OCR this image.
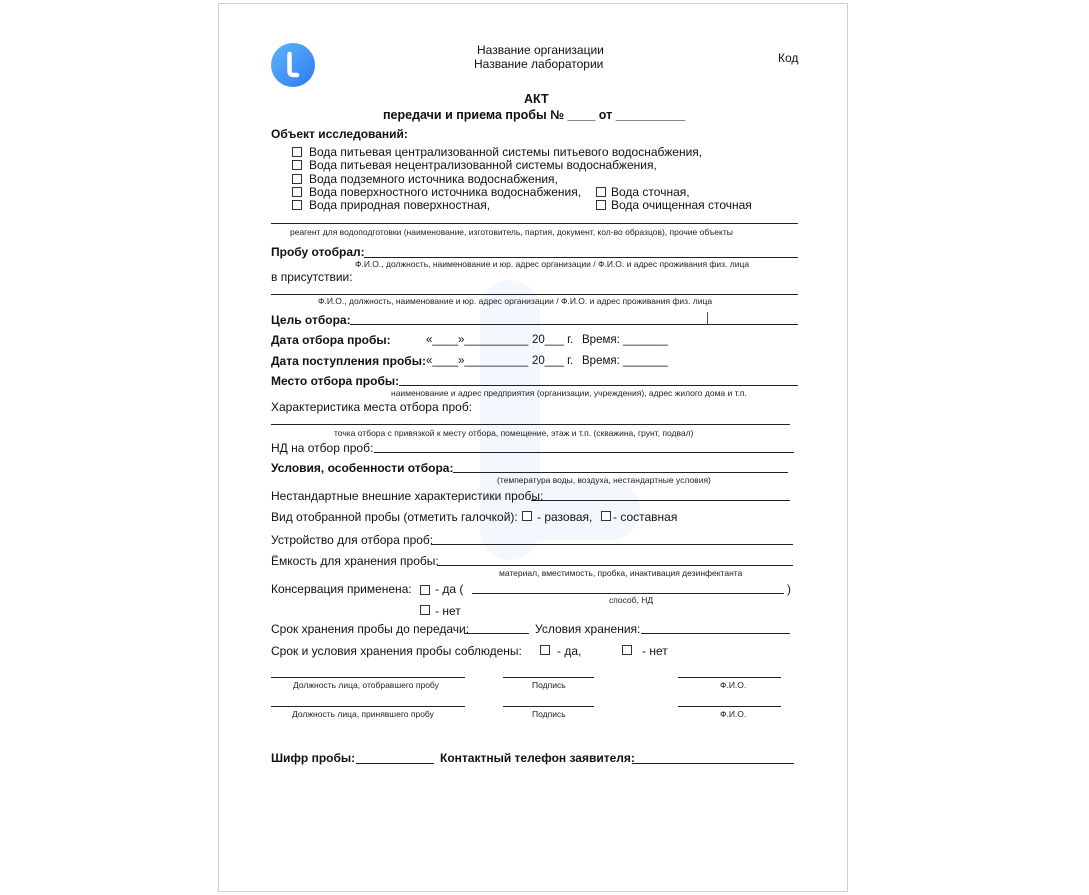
Название организации
Название лаборатории	Код
АКТ
передачи и приема пробы № ____ от __________
Объект исследований:
Вода питьевая централизованной системы питьевого водоснабжения,
Вода питьевая нецентрализованной системы водоснабжения,
Вода подземного источника водоснабжения,
Вода поверхностного источника водоснабжения,
Вода природная поверхностная,
Вода сточная,
Вода очищенная сточная
реагент для водоподготовки (наименование, изготовитель, партия, документ, кол-во образцов), прочие объекты
Пробу отобрал:
Ф.И.О., должность, наименование и юр. адрес организации / Ф.И.О. и адрес проживания физ. лица
в присутствии:
Ф.И.О., должность, наименование и юр. адрес организации / Ф.И.О. и адрес проживания физ. лица
Цель отбора:
Дата отбора пробы:	«____»__________ 20___ г. Время: _______
Дата поступления пробы: «____»__________ 20___ г. Время: _______
Место отбора пробы:
наименование и адрес предприятия (организации, учреждения), адрес жилого дома и т.п.
Характеристика места отбора проб:
точка отбора с привязкой к месту отбора, помещение, этаж и т.п. (скважина, грунт, подвал)
НД на отбор проб:
Условия, особенности отбора:
(температура воды, воздуха, нестандартные условия)
Нестандартные внешние характеристики пробы:
Вид отобранной пробы (отметить галочкой): - разовая, - составная
Устройство для отбора проб:
Ёмкость для хранения пробы:
материал, вместимость, пробка, инактивация дезинфектанта
Консервация применена: - да (	)
способ, НД
- нет
Срок хранения пробы до передачи:	Условия хранения:
Срок и условия хранения пробы соблюдены:	- да,	- нет
Должность лица, отобравшего пробу	Подпись	Ф.И.О.
Должность лица, принявшего пробу	Подпись	Ф.И.О.
Шифр пробы:	Контактный телефон заявителя:
